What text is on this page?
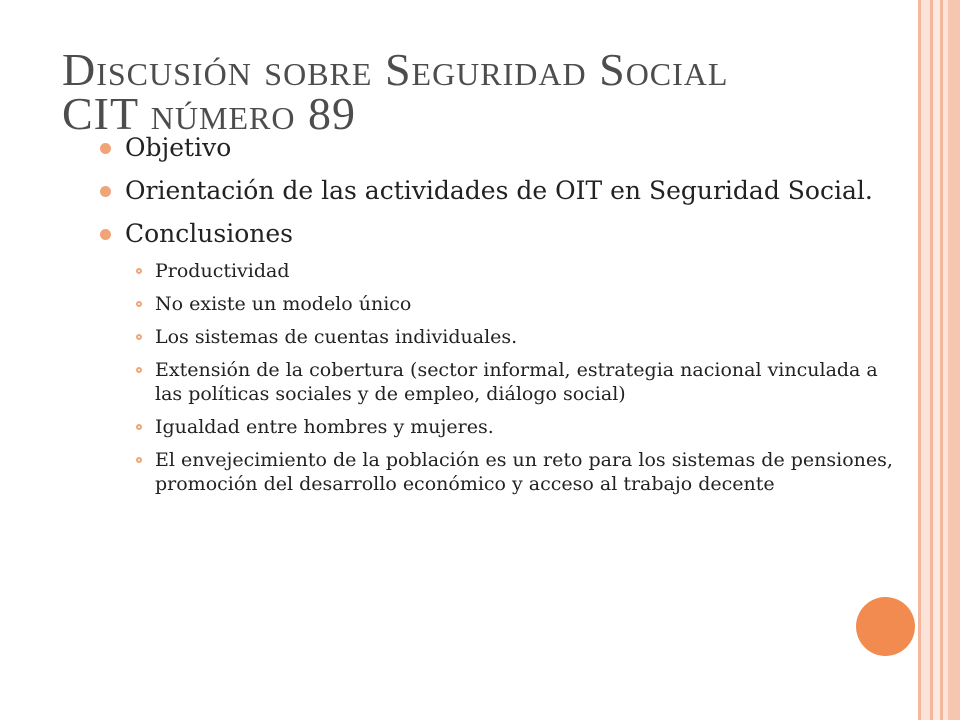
Discusión sobre Seguridad Social
CIT número 89
Objetivo
Orientación de las actividades de OIT en Seguridad Social.
Conclusiones
Productividad
No existe un modelo único
Los sistemas de cuentas individuales.
Extensión de la cobertura (sector informal, estrategia nacional vinculada a las políticas sociales y de empleo, diálogo social)
Igualdad entre hombres y mujeres.
El envejecimiento de la población es un reto para los sistemas de pensiones, promoción del desarrollo económico y acceso al trabajo decente
